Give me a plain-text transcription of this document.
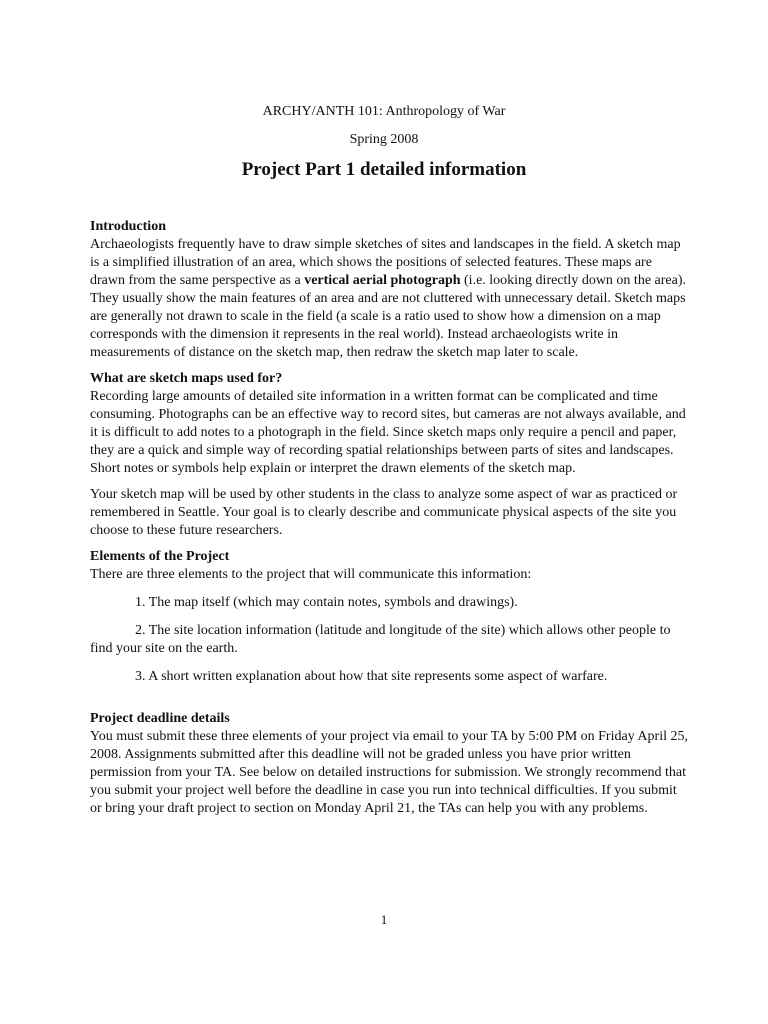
ARCHY/ANTH 101: Anthropology of War
Spring 2008
Project Part 1 detailed information

Introduction

Archaeologists frequently have to draw simple sketches of sites and landscapes in the field. A sketch map is a simplified illustration of an area, which shows the positions of selected features. These maps are drawn from the same perspective as a vertical aerial photograph (i.e. looking directly down on the area). They usually show the main features of an area and are not cluttered with unnecessary detail. Sketch maps are generally not drawn to scale in the field (a scale is a ratio used to show how a dimension on a map corresponds with the dimension it represents in the real world). Instead archaeologists write in measurements of distance on the sketch map, then redraw the sketch map later to scale.

What are sketch maps used for?

Recording large amounts of detailed site information in a written format can be complicated and time consuming. Photographs can be an effective way to record sites, but cameras are not always available, and it is difficult to add notes to a photograph in the field. Since sketch maps only require a pencil and paper, they are a quick and simple way of recording spatial relationships between parts of sites and landscapes. Short notes or symbols help explain or interpret the drawn elements of the sketch map.

Your sketch map will be used by other students in the class to analyze some aspect of war as practiced or remembered in Seattle. Your goal is to clearly describe and communicate physical aspects of the site you choose to these future researchers.

Elements of the Project

There are three elements to the project that will communicate this information:

1. The map itself (which may contain notes, symbols and drawings).

2. The site location information (latitude and longitude of the site) which allows other people to find your site on the earth.

3. A short written explanation about how that site represents some aspect of warfare.

Project deadline details

You must submit these three elements of your project via email to your TA by 5:00 PM on Friday April 25, 2008. Assignments submitted after this deadline will not be graded unless you have prior written permission from your TA. See below on detailed instructions for submission. We strongly recommend that you submit your project well before the deadline in case you run into technical difficulties. If you submit or bring your draft project to section on Monday April 21, the TAs can help you with any problems.

1
